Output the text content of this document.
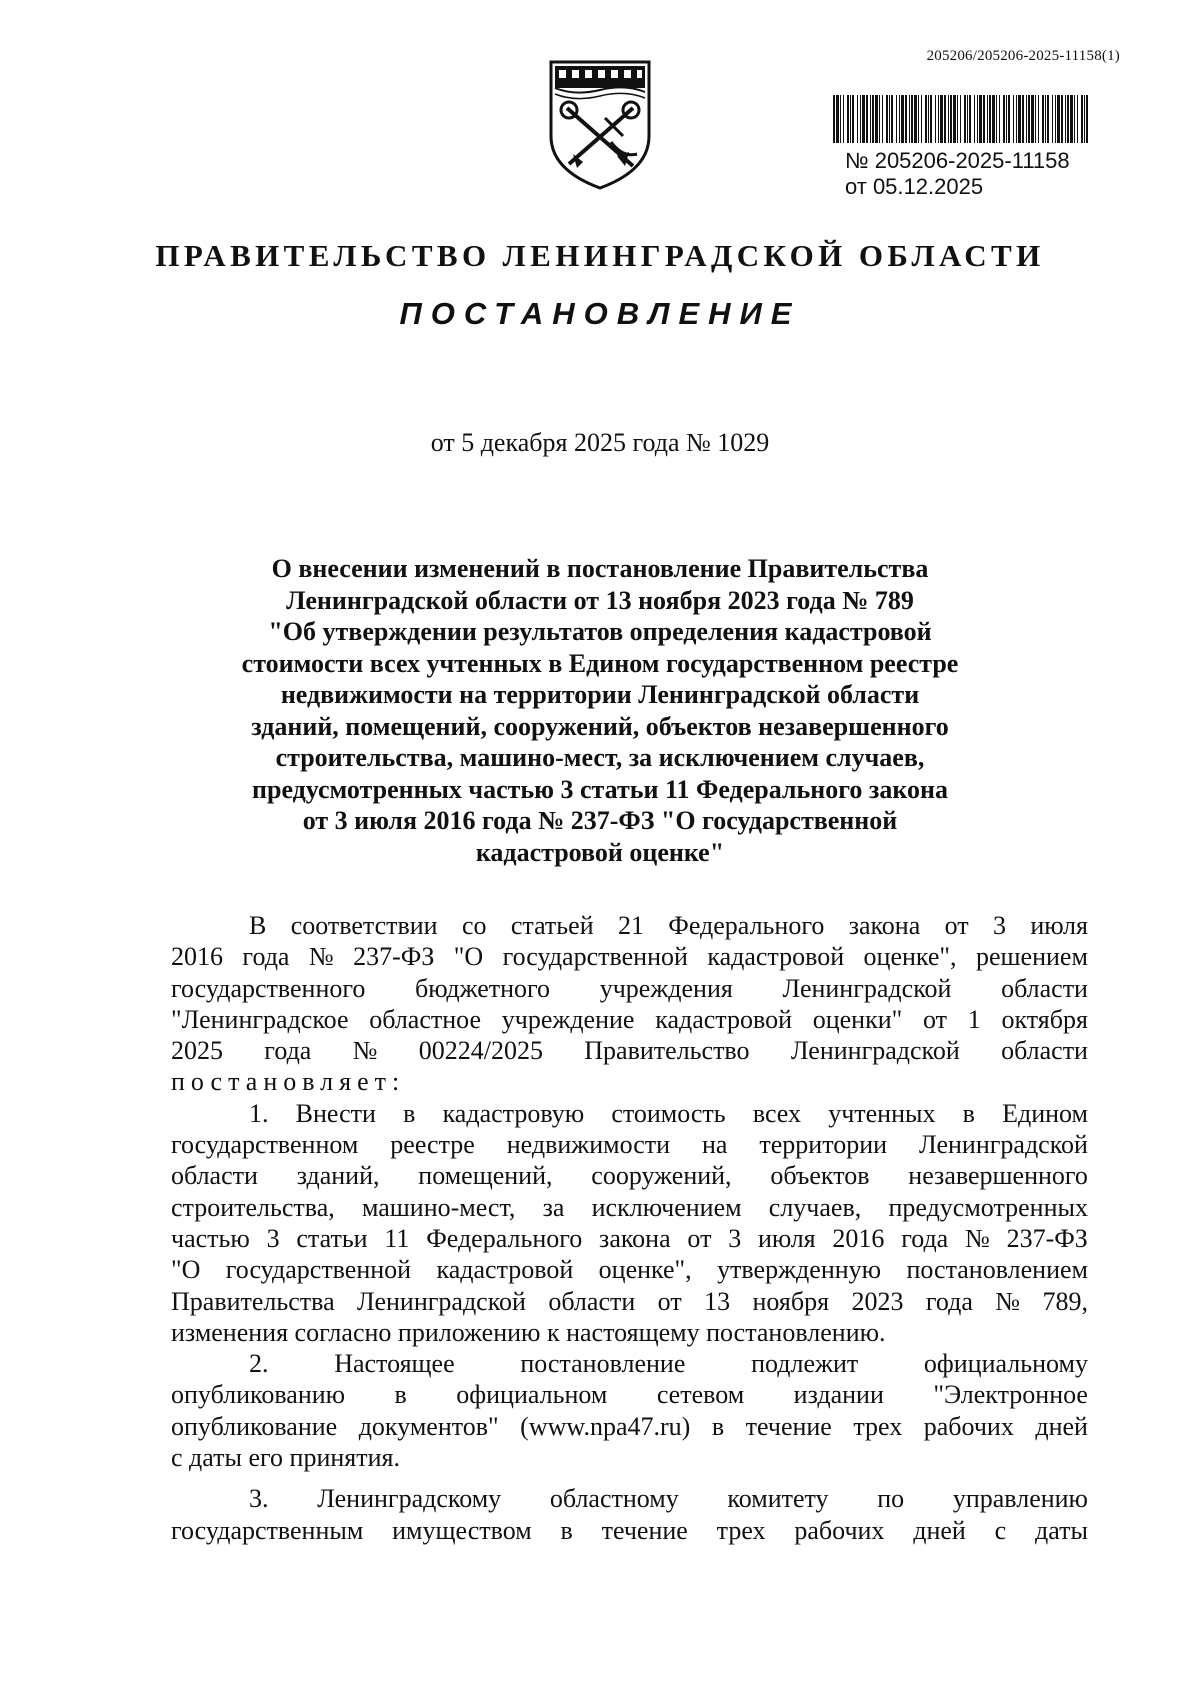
205206/205206-2025-11158(1)
№ 205206-2025-11158
от 05.12.2025
ПРАВИТЕЛЬСТВО ЛЕНИНГРАДСКОЙ ОБЛАСТИ
ПОСТАНОВЛЕНИЕ
от 5 декабря 2025 года № 1029
О внесении изменений в постановление Правительства
Ленинградской области от 13 ноября 2023 года № 789
"Об утверждении результатов определения кадастровой
стоимости всех учтенных в Едином государственном реестре
недвижимости на территории Ленинградской области
зданий, помещений, сооружений, объектов незавершенного
строительства, машино-мест, за исключением случаев,
предусмотренных частью 3 статьи 11 Федерального закона
от 3 июля 2016 года № 237-ФЗ "О государственной
кадастровой оценке"
В соответствии со статьей 21 Федерального закона от 3 июля
2016 года № 237-ФЗ "О государственной кадастровой оценке", решением
государственного бюджетного учреждения Ленинградской области
"Ленинградское областное учреждение кадастровой оценки" от 1 октября
2025 года № 00224/2025 Правительство Ленинградской области
постановляет:
1. Внести в кадастровую стоимость всех учтенных в Едином
государственном реестре недвижимости на территории Ленинградской
области зданий, помещений, сооружений, объектов незавершенного
строительства, машино-мест, за исключением случаев, предусмотренных
частью 3 статьи 11 Федерального закона от 3 июля 2016 года № 237-ФЗ
"О государственной кадастровой оценке", утвержденную постановлением
Правительства Ленинградской области от 13 ноября 2023 года № 789,
изменения согласно приложению к настоящему постановлению.
2.	Настоящее	постановление	подлежит	официальному
опубликованию в официальном сетевом издании "Электронное
опубликование документов" (www.npa47.ru) в течение трех рабочих дней
с даты его принятия.
3. Ленинградскому областному комитету по управлению
государственным имуществом в течение трех рабочих дней с даты
